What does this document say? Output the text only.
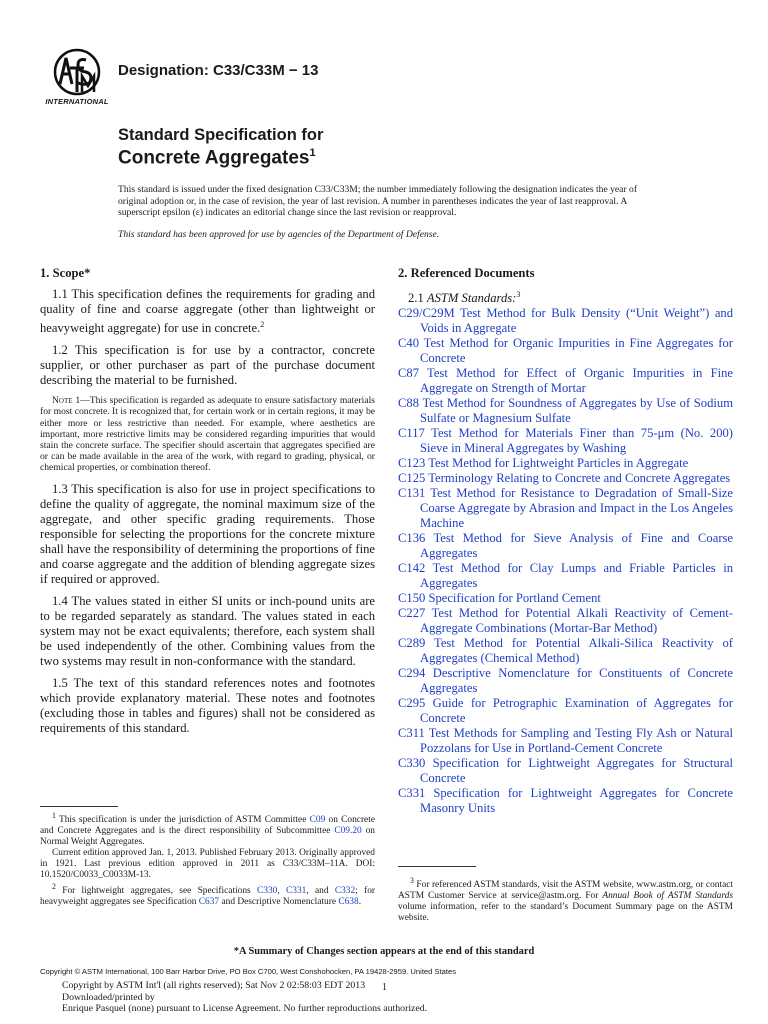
INTERNATIONAL
Designation: C33/C33M − 13
Standard Specification for
Concrete Aggregates$^1$
This standard is issued under the fixed designation C33/C33M; the number immediately following the designation indicates the year of original adoption or, in the case of revision, the year of last revision. A number in parentheses indicates the year of last reapproval. A superscript epsilon (ε) indicates an editorial change since the last revision or reapproval.
This standard has been approved for use by agencies of the Department of Defense.

1. Scope*

1.1 This specification defines the requirements for grading and quality of fine and coarse aggregate (other than lightweight or heavyweight aggregate) for use in concrete.$^2$

1.2 This specification is for use by a contractor, concrete supplier, or other purchaser as part of the purchase document describing the material to be furnished.

Note 1—This specification is regarded as adequate to ensure satisfactory materials for most concrete. It is recognized that, for certain work or in certain regions, it may be either more or less restrictive than needed. For example, where aesthetics are important, more restrictive limits may be considered regarding impurities that would stain the concrete surface. The specifier should ascertain that aggregates specified are or can be made available in the area of the work, with regard to grading, physical, or chemical properties, or combination thereof.

1.3 This specification is also for use in project specifications to define the quality of aggregate, the nominal maximum size of the aggregate, and other specific grading requirements. Those responsible for selecting the proportions for the concrete mixture shall have the responsibility of determining the proportions of fine and coarse aggregate and the addition of blending aggregate sizes if required or approved.

1.4 The values stated in either SI units or inch-pound units are to be regarded separately as standard. The values stated in each system may not be exact equivalents; therefore, each system shall be used independently of the other. Combining values from the two systems may result in non-conformance with the standard.

1.5 The text of this standard references notes and footnotes which provide explanatory material. These notes and footnotes (excluding those in tables and figures) shall not be considered as requirements of this standard.

2. Referenced Documents

2.1 ASTM Standards:$^3$

C29/C29M Test Method for Bulk Density (“Unit Weight”) and Voids in Aggregate

C40 Test Method for Organic Impurities in Fine Aggregates for Concrete

C87 Test Method for Effect of Organic Impurities in Fine Aggregate on Strength of Mortar

C88 Test Method for Soundness of Aggregates by Use of Sodium Sulfate or Magnesium Sulfate

C117 Test Method for Materials Finer than 75-μm (No. 200) Sieve in Mineral Aggregates by Washing

C123 Test Method for Lightweight Particles in Aggregate

C125 Terminology Relating to Concrete and Concrete Aggregates

C131 Test Method for Resistance to Degradation of Small-Size Coarse Aggregate by Abrasion and Impact in the Los Angeles Machine

C136 Test Method for Sieve Analysis of Fine and Coarse Aggregates

C142 Test Method for Clay Lumps and Friable Particles in Aggregates

C150 Specification for Portland Cement

C227 Test Method for Potential Alkali Reactivity of Cement-Aggregate Combinations (Mortar-Bar Method)

C289 Test Method for Potential Alkali-Silica Reactivity of Aggregates (Chemical Method)

C294 Descriptive Nomenclature for Constituents of Concrete Aggregates

C295 Guide for Petrographic Examination of Aggregates for Concrete

C311 Test Methods for Sampling and Testing Fly Ash or Natural Pozzolans for Use in Portland-Cement Concrete

C330 Specification for Lightweight Aggregates for Structural Concrete

C331 Specification for Lightweight Aggregates for Concrete Masonry Units

$^1$ This specification is under the jurisdiction of ASTM Committee C09 on Concrete and Concrete Aggregates and is the direct responsibility of Subcommittee C09.20 on Normal Weight Aggregates.

Current edition approved Jan. 1, 2013. Published February 2013. Originally approved in 1921. Last previous edition approved in 2011 as C33/C33M–11A. DOI: 10.1520/C0033_C0033M-13.

$^2$ For lightweight aggregates, see Specifications C330, C331, and C332; for heavyweight aggregates see Specification C637 and Descriptive Nomenclature C638.

$^3$ For referenced ASTM standards, visit the ASTM website, www.astm.org, or contact ASTM Customer Service at service@astm.org. For Annual Book of ASTM Standards volume information, refer to the standard’s Document Summary page on the ASTM website.

*A Summary of Changes section appears at the end of this standard
Copyright © ASTM International, 100 Barr Harbor Drive, PO Box C700, West Conshohocken, PA 19428-2959. United States
Copyright by ASTM Int'l (all rights reserved); Sat Nov 2 02:58:03 EDT 2013
Downloaded/printed by
Enrique Pasquel (none) pursuant to License Agreement. No further reproductions authorized.
1
